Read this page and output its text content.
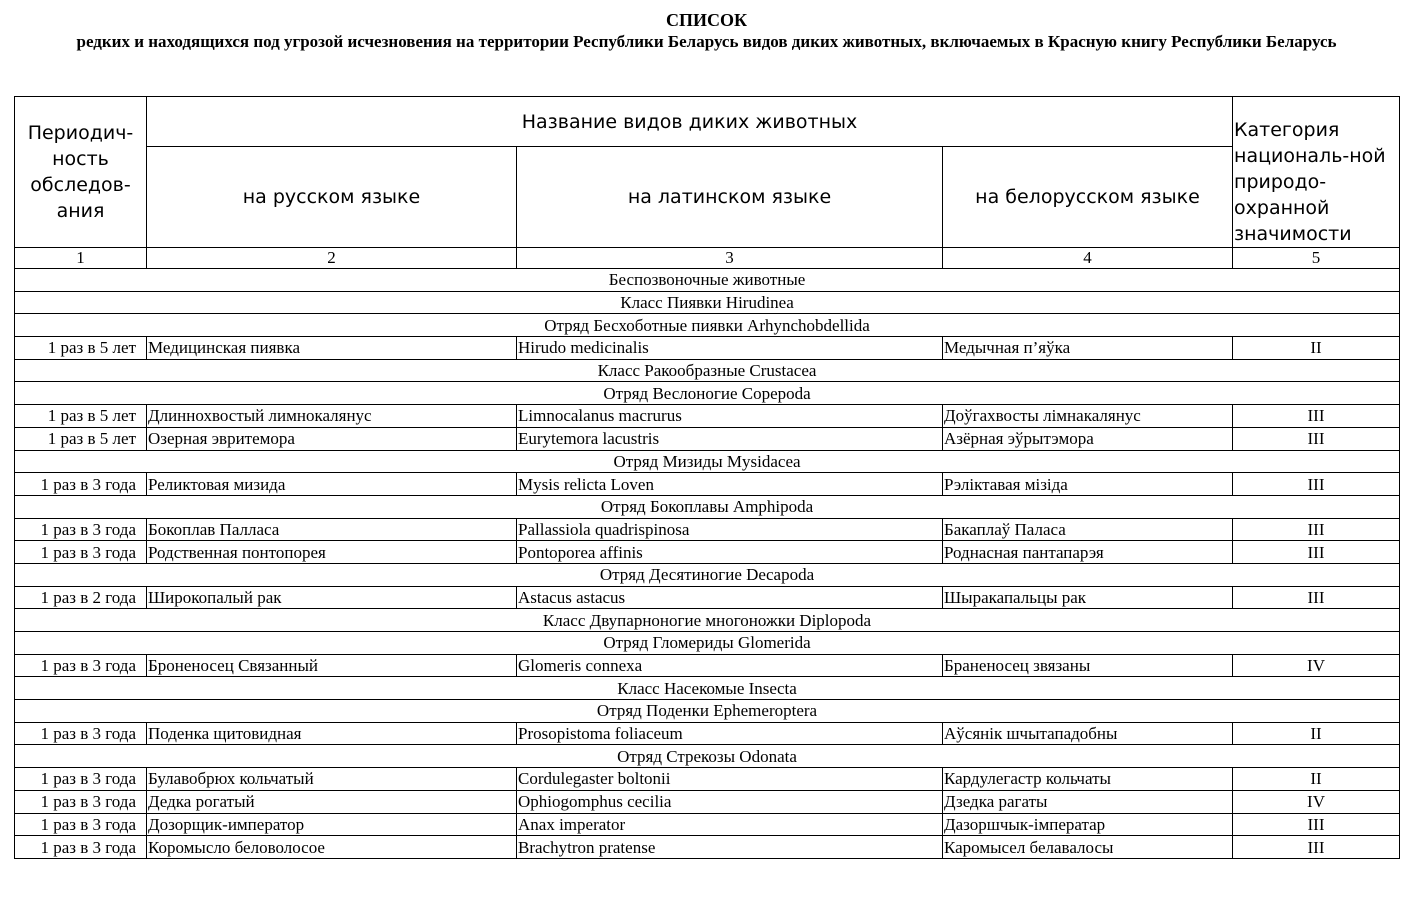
СПИСОК
редких и находящихся под угрозой исчезновения на территории Республики Беларусь видов диких животных, включаемых в Красную книгу Республики Беларусь
Периодич-ность обследов-ания	Название видов диких животных			Категория националь-ной природо-охранной значимости
	на русском языке	на латинском языке	на белорусском языке	
1	2	3	4	5
Беспозвоночные животные				
Класс Пиявки Hirudinea				
Отряд Бесхоботные пиявки Arhynchobdellida				
1 раз в 5 лет	Медицинская пиявка	Hirudo medicinalis	Медычная п’яўка	II
Класс Ракообразные Crustacea				
Отряд Веслоногие Copepoda				
1 раз в 5 лет	Длиннохвостый лимнокалянус	Limnocalanus macrurus	Доўгахвосты лімнакалянус	III
1 раз в 5 лет	Озерная эвритемора	Eurytemora lacustris	Азёрная эўрытэмора	III
Отряд Мизиды Mysidacea				
1 раз в 3 года	Реликтовая мизида	Mysis relicta Loven	Рэліктавая мізіда	III
Отряд Бокоплавы Amphipoda				
1 раз в 3 года	Бокоплав Палласа	Pallassiola quadrispinosa	Бакаплаў Паласа	III
1 раз в 3 года	Родственная понтопорея	Pontoporea affinis	Роднасная пантапарэя	III
Отряд Десятиногие Decapoda				
1 раз в 2 года	Широкопалый рак	Astacus astacus	Шыракапальцы рак	III
Класс Двупарноногие многоножки Diplopoda				
Отряд Гломериды Glomerida				
1 раз в 3 года	Броненосец Связанный	Glomeris connexa	Браненосец звязаны	IV
Класс Насекомые Insecta				
Отряд Поденки Ephemeroptera				
1 раз в 3 года	Поденка щитовидная	Prosopistoma foliaceum	Аўсянік шчытападобны	II
Отряд Стрекозы Odonata				
1 раз в 3 года	Булавобрюх кольчатый	Cordulegaster boltonii	Кардулегастр кольчаты	II
1 раз в 3 года	Дедка рогатый	Ophiogomphus cecilia	Дзедка рагаты	IV
1 раз в 3 года	Дозорщик-император	Anax imperator	Дазоршчык-імператар	III
1 раз в 3 года	Коромысло беловолосое	Brachytron pratense	Каромысел белавалосы	III
